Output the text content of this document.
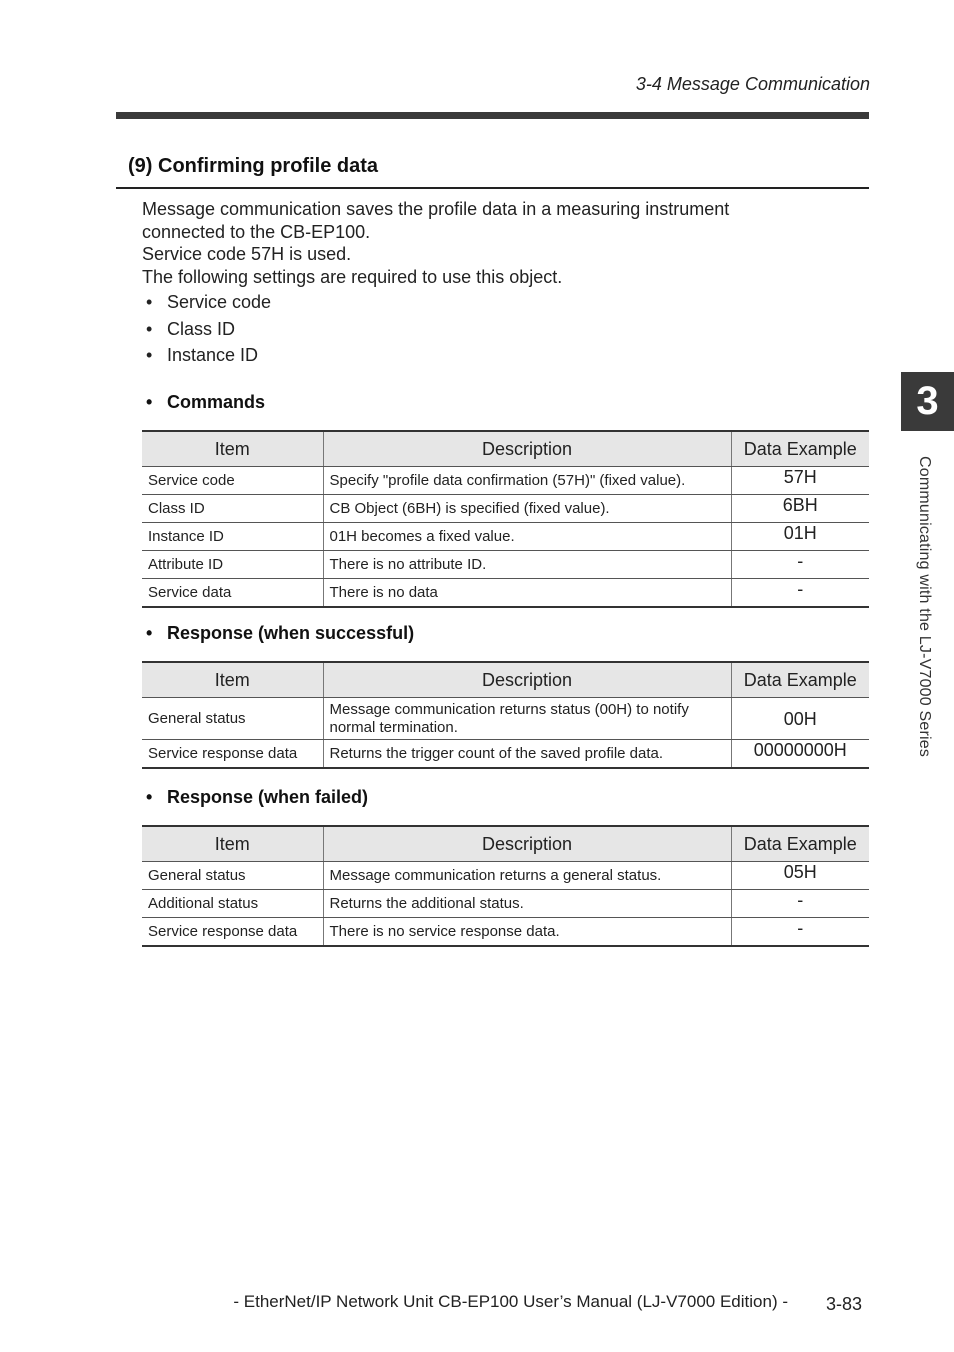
3-4 Message Communication
(9) Confirming profile data

Message communication saves the profile data in a measuring instrument

connected to the CB-EP100.

Service code 57H is used.

The following settings are required to use this object.

• Service code
• Class ID
• Instance ID
• Commands
Item	Description	Data Example
Service code	Specify "profile data confirmation (57H)" (fixed value).	57H
Class ID	CB Object (6BH) is specified (fixed value).	6BH
Instance ID	01H becomes a fixed value.	01H
Attribute ID	There is no attribute ID.	-
Service data	There is no data	-
• Response (when successful)
Item	Description	Data Example
General status	Message communication returns status (00H) to notify normal termination.	00H
Service response data	Returns the trigger count of the saved profile data.	00000000H
• Response (when failed)
Item	Description	Data Example
General status	Message communication returns a general status.	05H
Additional status	Returns the additional status.	-
Service response data	There is no service response data.	-
3
Communicating with the LJ-V7000 Series
- EtherNet/IP Network Unit CB-EP100 User’s Manual (LJ-V7000 Edition) - 3-83
